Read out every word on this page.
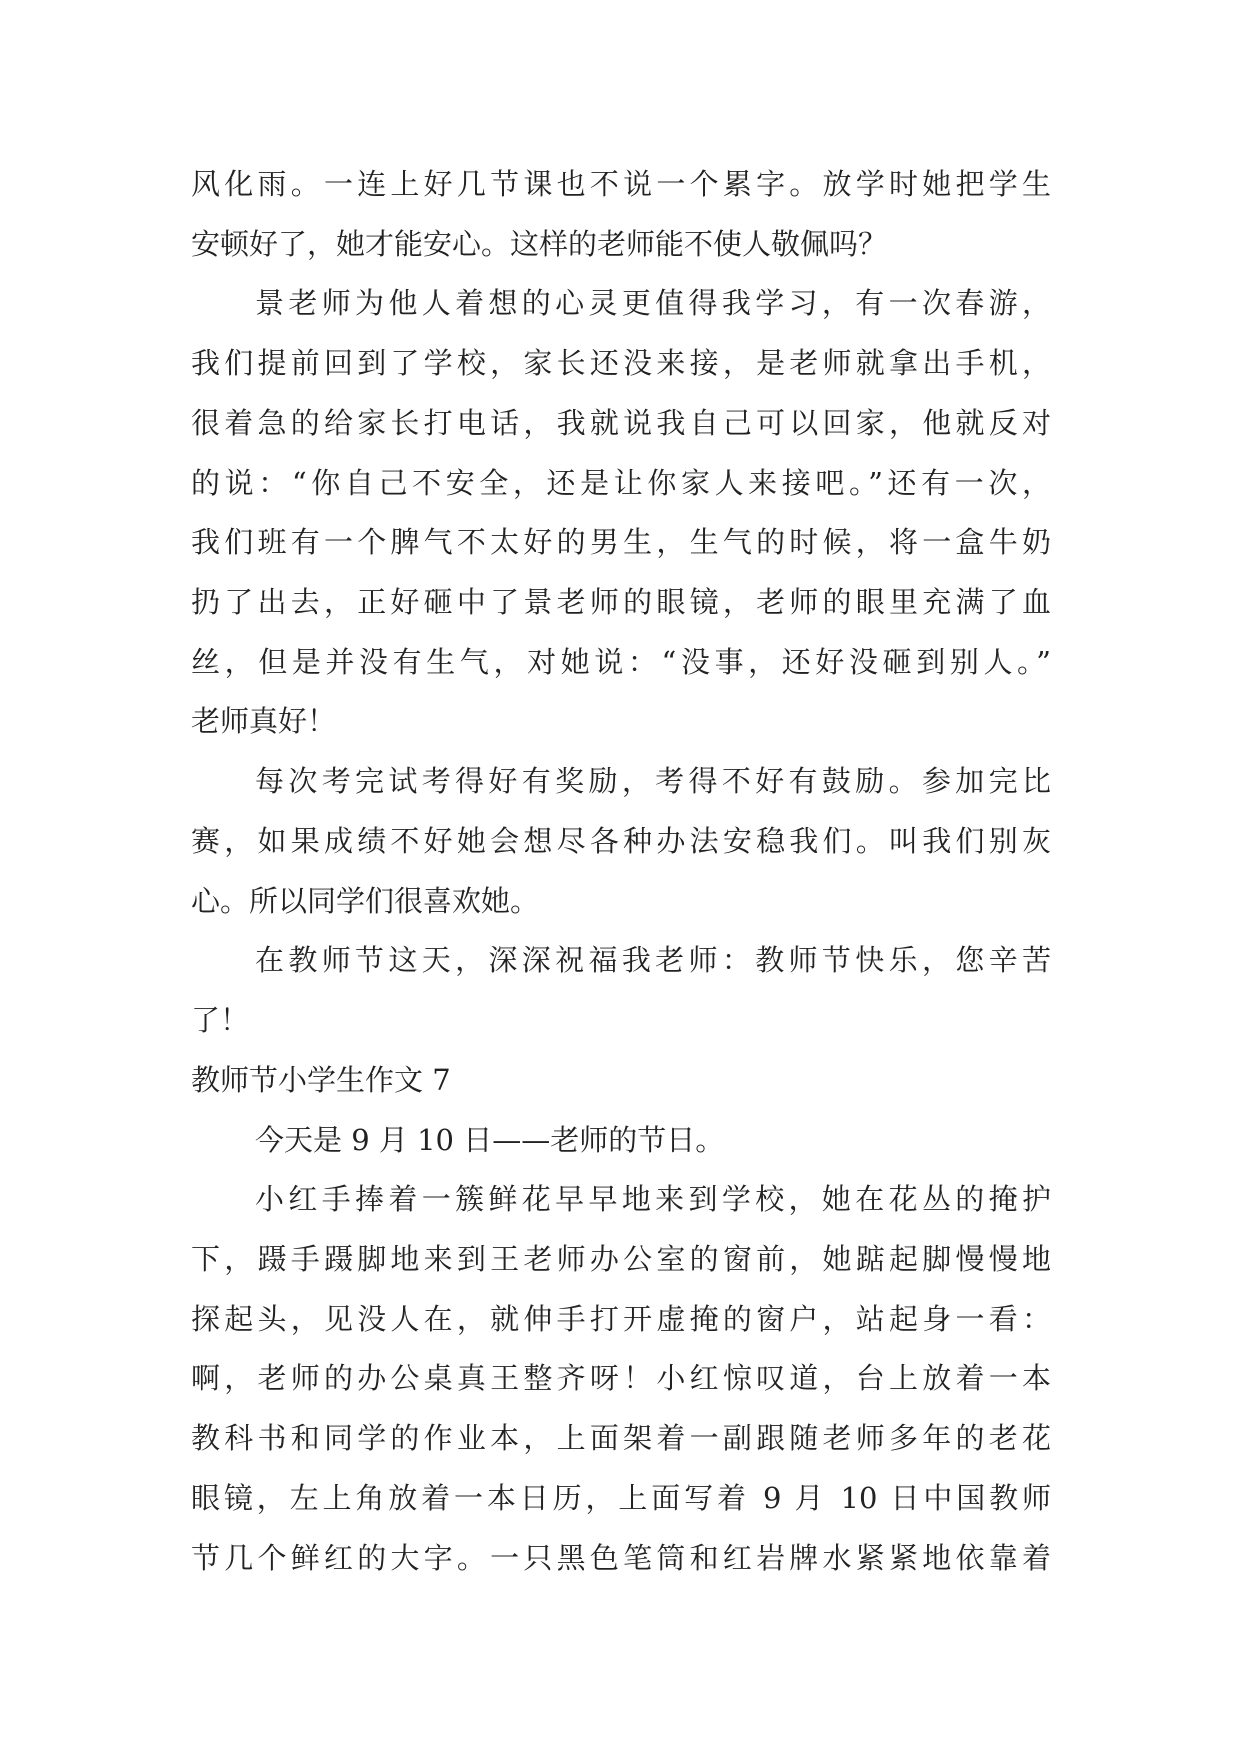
风化雨。一连上好几节课也不说一个累字。放学时她把学生
安顿好了，她才能安心。这样的老师能不使人敬佩吗？
景老师为他人着想的心灵更值得我学习，有一次春游，
我们提前回到了学校，家长还没来接，是老师就拿出手机，
很着急的给家长打电话，我就说我自己可以回家，他就反对
的说：“你自己不安全，还是让你家人来接吧。”还有一次，
我们班有一个脾气不太好的男生，生气的时候，将一盒牛奶
扔了出去，正好砸中了景老师的眼镜，老师的眼里充满了血
丝，但是并没有生气，对她说：“没事，还好没砸到别人。”
老师真好！
每次考完试考得好有奖励，考得不好有鼓励。参加完比
赛，如果成绩不好她会想尽各种办法安稳我们。叫我们别灰
心。所以同学们很喜欢她。
在教师节这天，深深祝福我老师：教师节快乐，您辛苦
了！
教师节小学生作文 7
今天是 9 月 10 日——老师的节日。
小红手捧着一簇鲜花早早地来到学校，她在花丛的掩护
下，蹑手蹑脚地来到王老师办公室的窗前，她踮起脚慢慢地
探起头，见没人在，就伸手打开虚掩的窗户，站起身一看：
啊，老师的办公桌真王整齐呀！小红惊叹道，台上放着一本
教科书和同学的作业本，上面架着一副跟随老师多年的老花
眼镜，左上角放着一本日历，上面写着 9 月 10 日中国教师
节几个鲜红的大字。一只黑色笔筒和红岩牌水紧紧地依靠着
